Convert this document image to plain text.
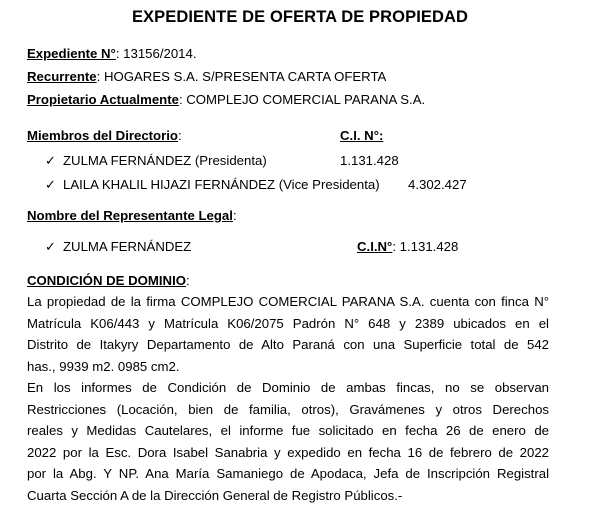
EXPEDIENTE DE OFERTA DE PROPIEDAD
Expediente N°: 13156/2014.
Recurrente: HOGARES S.A. S/PRESENTA CARTA OFERTA
Propietario Actualmente: COMPLEJO COMERCIAL PARANA S.A.
Miembros del Directorio:	C.I. N°:
✓ ZULMA FERNÁNDEZ (Presidenta)	1.131.428
✓ LAILA KHALIL HIJAZI FERNÁNDEZ (Vice Presidenta) 4.302.427
Nombre del Representante Legal:
✓ ZULMA FERNÁNDEZ	C.I.N°: 1.131.428
CONDICIÓN DE DOMINIO:
La propiedad de la firma COMPLEJO COMERCIAL PARANA S.A. cuenta con finca N°
Matrícula K06/443 y Matrícula K06/2075 Padrón N° 648 y 2389 ubicados en el
Distrito de Itakyry Departamento de Alto Paraná con una Superficie total de 542
has., 9939 m2. 0985 cm2.
En los informes de Condición de Dominio de ambas fincas, no se observan
Restricciones (Locación, bien de familia, otros), Gravámenes y otros Derechos
reales y Medidas Cautelares, el informe fue solicitado en fecha 26 de enero de
2022 por la Esc. Dora Isabel Sanabria y expedido en fecha 16 de febrero de 2022
por la Abg. Y NP. Ana María Samaniego de Apodaca, Jefa de Inscripción Registral
Cuarta Sección A de la Dirección General de Registro Públicos.-
